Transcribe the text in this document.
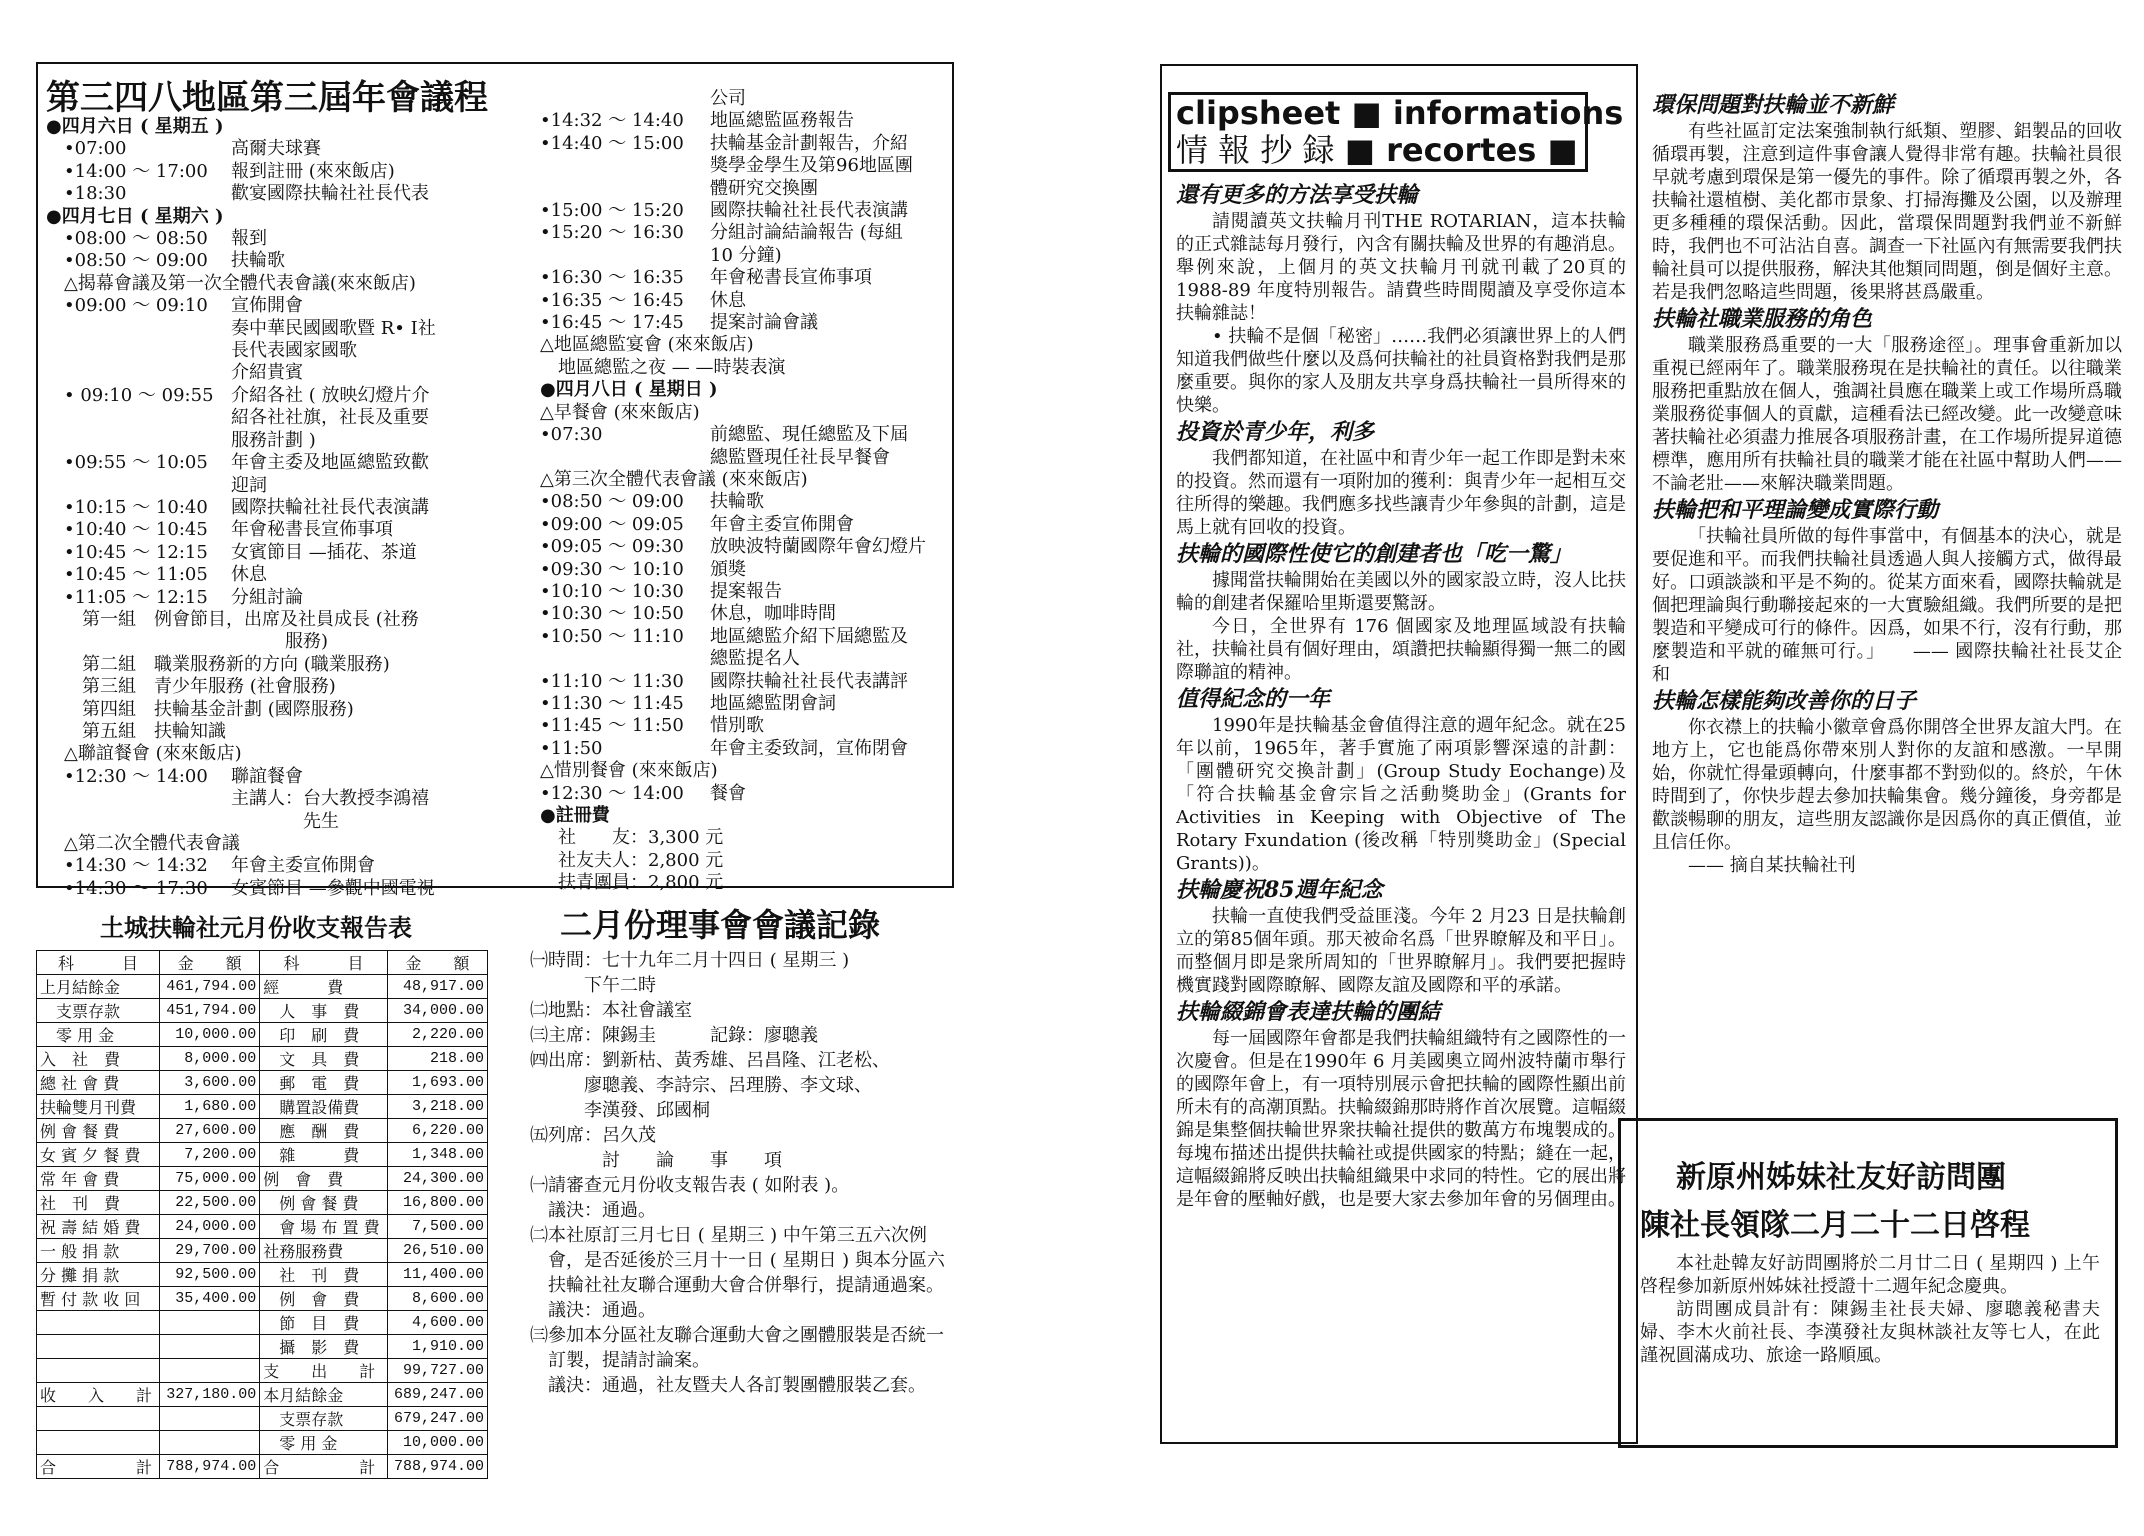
第三四八地區第三屆年會議程
●四月六日 ( 星期五 )
　•07:00	高爾夫球賽
　•14:00 ～ 17:00	報到註冊 (來來飯店)
　•18:30	歡宴國際扶輪社社長代表
●四月七日 ( 星期六 )
　•08:00 ～ 08:50	報到
　•08:50 ～ 09:00	扶輪歌
　△揭幕會議及第一次全體代表會議(來來飯店)
　•09:00 ～ 09:10	宣佈開會
奏中華民國國歌暨 R• I社
長代表國家國歌
介紹貴賓
　• 09:10 ～ 09:55 介紹各社 ( 放映幻燈片介
紹各社社旗，社長及重要
服務計劃 )
　•09:55 ～ 10:05	年會主委及地區總監致歡
迎詞
　•10:15 ～ 10:40	國際扶輪社社長代表演講
　•10:40 ～ 10:45	年會秘書長宣佈事項
　•10:45 ～ 12:15	女賓節目 —插花、茶道
　•10:45 ～ 11:05	休息
　•11:05 ～ 12:15	分組討論
　　第一組　例會節目，出席及社員成長 (社務
　　　服務)
　　第二組　職業服務新的方向 (職業服務)
　　第三組　青少年服務 (社會服務)
　　第四組　扶輪基金計劃 (國際服務)
　　第五組　扶輪知識
　△聯誼餐會 (來來飯店)
　•12:30 ～ 14:00	聯誼餐會
主講人：台大教授李鴻禧
　　　　先生
　△第二次全體代表會議
　•14:30 ～ 14:32	年會主委宣佈開會
　•14:30 ～ 17:30	女賓節目 —參觀中國電視
公司
•14:32 ～ 14:40	地區總監區務報告
•14:40 ～ 15:00	扶輪基金計劃報告，介紹
獎學金學生及第96地區團
體研究交換團
•15:00 ～ 15:20	國際扶輪社社長代表演講
•15:20 ～ 16:30	分組討論結論報告 (每組
10 分鐘)
•16:30 ～ 16:35	年會秘書長宣佈事項
•16:35 ～ 16:45	休息
•16:45 ～ 17:45	提案討論會議
△地區總監宴會 (來來飯店)
　地區總監之夜 — —時裝表演
●四月八日 ( 星期日 )
△早餐會 (來來飯店)
•07:30	前總監、現任總監及下屆
總監暨現任社長早餐會
△第三次全體代表會議 (來來飯店)
•08:50 ～ 09:00	扶輪歌
•09:00 ～ 09:05	年會主委宣佈開會
•09:05 ～ 09:30	放映波特蘭國際年會幻燈片
•09:30 ～ 10:10	頒獎
•10:10 ～ 10:30	提案報告
•10:30 ～ 10:50	休息，咖啡時間
•10:50 ～ 11:10	地區總監介紹下屆總監及
總監提名人
•11:10 ～ 11:30	國際扶輪社社長代表講評
•11:30 ～ 11:45	地區總監閉會詞
•11:45 ～ 11:50	惜別歌
•11:50	年會主委致詞，宣佈閉會
△惜別餐會 (來來飯店)
•12:30 ～ 14:00	餐會
●註冊費
　社　　友：3,300 元
　社友夫人：2,800 元
　扶青團員：2,800 元
土城扶輪社元月份收支報告表
科　　　目	金　　額	科　　　目	金　　額
上月結餘金	461,794.00	經　　　費	48,917.00
　支票存款	451,794.00	　人　事　費	34,000.00
　零 用 金	10,000.00	　印　刷　費	2,220.00
入　社　費	8,000.00	　文　具　費	218.00
總 社 會 費	3,600.00	　郵　電　費	1,693.00
扶輪雙月刊費	1,680.00	　購置設備費	3,218.00
例 會 餐 費	27,600.00	　應　酬　費	6,220.00
女 賓 夕 餐 費	7,200.00	　雜　　　費	1,348.00
常 年 會 費	75,000.00	例　會　費	24,300.00
社　刊　費	22,500.00	　例 會 餐 費	16,800.00
祝 壽 結 婚 費	24,000.00	　會 場 布 置 費	7,500.00
一 般 捐 款	29,700.00	社務服務費	26,510.00
分 攤 捐 款	92,500.00	　社　刊　費	11,400.00
暫 付 款 收 回	35,400.00	　例　會　費	8,600.00
		　節　目　費	4,600.00
		　攝　影　費	1,910.00
		支　　出　　計	99,727.00
收　　入　　計	327,180.00	本月結餘金	689,247.00
		　支票存款	679,247.00
		　零 用 金	10,000.00
合　　　　　計	788,974.00	合　　　　　計	788,974.00
二月份理事會會議記錄
㈠時間： 七十九年二月十四日 ( 星期三 )
　　　下午二時
㈡地點： 本社會議室
㈢主席： 陳錫圭　　　記錄：廖聰義
㈣出席： 劉新枯、黃秀雄、呂昌隆、江老松、
　　　廖聰義、李詩宗、呂理勝、李文球、
　　　李漢發、邱國桐
㈤列席： 呂久茂
　　　　討　　論　　事　　項
㈠ 請審查元月份收支報告表 ( 如附表 )。
　議決：通過。
㈡ 本社原訂三月七日 ( 星期三 ) 中午第三五六次例會，是否延後於三月十一日 ( 星期日 ) 與本分區六扶輪社社友聯合運動大會合併舉行，提請通過案。
　議決：通過。
㈢ 參加本分區社友聯合運動大會之團體服裝是否統一訂製，提請討論案。
　議決：通過，社友暨夫人各訂製團體服裝乙套。
clipsheet ■ informations
情 報 抄 録 ■ recortes ■
還有更多的方法享受扶輪

請閱讀英文扶輪月刊THE ROTARIAN，這本扶輪的正式雜誌每月發行，內含有關扶輪及世界的有趣消息。舉例來說，上個月的英文扶輪月刊就刊載了20頁的 1988-89 年度特別報告。請費些時間閱讀及享受你這本扶輪雜誌！

• 扶輪不是個「秘密」……我們必須讓世界上的人們知道我們做些什麼以及爲何扶輪社的社員資格對我們是那麼重要。與你的家人及朋友共享身爲扶輪社一員所得來的快樂。

投資於青少年，利多

我們都知道，在社區中和青少年一起工作即是對未來的投資。然而還有一項附加的獲利：與青少年一起相互交往所得的樂趣。我們應多找些讓青少年參與的計劃，這是馬上就有回收的投資。

扶輪的國際性使它的創建者也「吃一驚」

據聞當扶輪開始在美國以外的國家設立時，沒人比扶輪的創建者保羅哈里斯還要驚訝。

今日，全世界有 176 個國家及地理區域設有扶輪社，扶輪社員有個好理由，頌讚把扶輪顯得獨一無二的國際聯誼的精神。

值得紀念的一年

1990年是扶輪基金會值得注意的週年紀念。就在25年以前，1965年，著手實施了兩項影響深遠的計劃：「團體研究交換計劃」(Group Study Eochange)及「符合扶輪基金會宗旨之活動獎助金」(Grants for Activities in Keeping with Objective of The Rotary Fxundation (後改稱「特別獎助金」(Special Grants))。

扶輪慶祝85週年紀念

扶輪一直使我們受益匪淺。今年 2 月23 日是扶輪創立的第85個年頭。那天被命名爲「世界瞭解及和平日」。而整個月即是衆所周知的「世界瞭解月」。我們要把握時機實踐對國際瞭解、國際友誼及國際和平的承諾。

扶輪綴錦會表達扶輪的團結

每一屆國際年會都是我們扶輪組織特有之國際性的一次慶會。但是在1990年 6 月美國奧立岡州波特蘭市舉行的國際年會上，有一項特別展示會把扶輪的國際性顯出前所未有的高潮頂點。扶輪綴錦那時將作首次展覽。這幅綴錦是集整個扶輪世界衆扶輪社提供的數萬方布塊製成的。每塊布描述出提供扶輪社或提供國家的特點；縫在一起，這幅綴錦將反映出扶輪組織果中求同的特性。它的展出將是年會的壓軸好戲，也是要大家去參加年會的另個理由。

環保問題對扶輪並不新鮮

有些社區訂定法案強制執行紙類、塑膠、鋁製品的回收循環再製，注意到這件事會讓人覺得非常有趣。扶輪社員很早就考慮到環保是第一優先的事件。除了循環再製之外，各扶輪社還植樹、美化都市景象、打掃海攤及公園，以及辦理更多種種的環保活動。因此，當環保問題對我們並不新鮮時，我們也不可沾沾自喜。調查一下社區內有無需要我們扶輪社員可以提供服務，解決其他類同問題，倒是個好主意。若是我們忽略這些問題，後果將甚爲嚴重。

扶輪社職業服務的角色

職業服務爲重要的一大「服務途徑」。理事會重新加以重視已經兩年了。職業服務現在是扶輪社的責任。以往職業服務把重點放在個人，強調社員應在職業上或工作場所爲職業服務從事個人的貢獻，這種看法已經改變。此一改變意味著扶輪社必須盡力推展各項服務計畫，在工作場所提昇道德標準，應用所有扶輪社員的職業才能在社區中幫助人們——不論老壯——來解決職業問題。

扶輪把和平理論變成實際行動

「扶輪社員所做的每件事當中，有個基本的決心，就是要促進和平。而我們扶輪社員透過人與人接觸方式，做得最好。口頭談談和平是不夠的。從某方面來看，國際扶輪就是個把理論與行動聯接起來的一大實驗組織。我們所要的是把製造和平變成可行的條件。因爲，如果不行，沒有行動，那麼製造和平就的確無可行。」　　—— 國際扶輪社社長艾企和

扶輪怎樣能夠改善你的日子

你衣襟上的扶輪小徽章會爲你開啓全世界友誼大門。在地方上，它也能爲你帶來別人對你的友誼和感激。一早開始，你就忙得暈頭轉向，什麼事都不對勁似的。終於，午休時間到了，你快步趕去參加扶輪集會。幾分鐘後，身旁都是歡談暢聊的朋友，這些朋友認識你是因爲你的真正價值，並且信任你。

—— 摘自某扶輪社刊

新原州姊妹社友好訪問團
陳社長領隊二月二十二日啓程

本社赴韓友好訪問團將於二月廿二日 ( 星期四 ) 上午啓程參加新原州姊妹社授證十二週年紀念慶典。

訪問團成員計有：陳錫圭社長夫婦、廖聰義秘書夫婦、李木火前社長、李漢發社友與林談社友等七人，在此謹祝圓滿成功、旅途一路順風。
